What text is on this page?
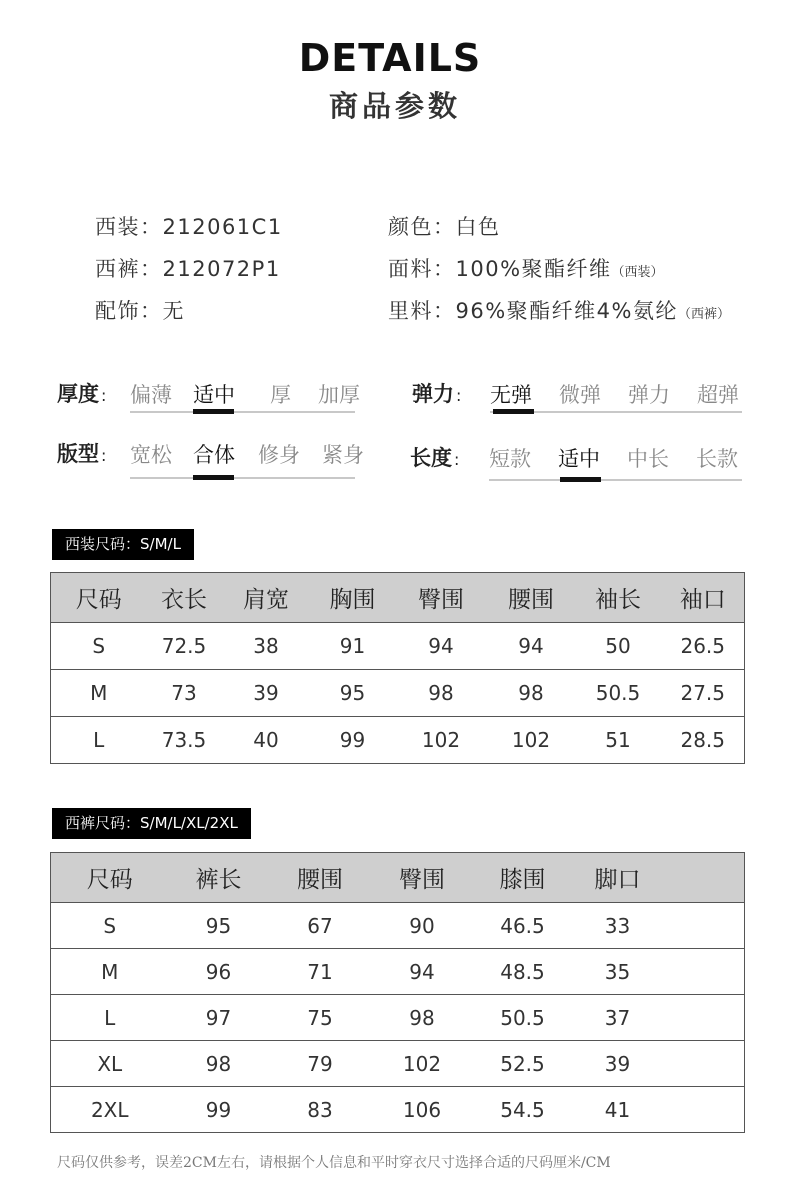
DETAILS
商品参数
西装：212061C1
西裤：212072P1
配饰：无
颜色：白色
面料：100%聚酯纤维（西装）
里料：96%聚酯纤维4%氨纶（西裤）
厚度 : 偏薄 适中 厚 加厚 弹力 : 无弹 微弹 弹力 超弹
版型 : 宽松 合体 修身 紧身 长度 : 短款 适中 中长 长款
西装尺码：S/M/L
尺码	衣长	肩宽	胸围	臀围	腰围	袖长	袖口
S	72.5	38	91	94	94	50	26.5
M	73	39	95	98	98	50.5	27.5
L	73.5	40	99	102	102	51	28.5
西裤尺码：S/M/L/XL/2XL
尺码	裤长	腰围	臀围	膝围	脚口	
S	95	67	90	46.5	33	
M	96	71	94	48.5	35	
L	97	75	98	50.5	37	
XL	98	79	102	52.5	39	
2XL	99	83	106	54.5	41	
尺码仅供参考，误差2CM左右，请根据个人信息和平时穿衣尺寸选择合适的尺码厘米/CM
